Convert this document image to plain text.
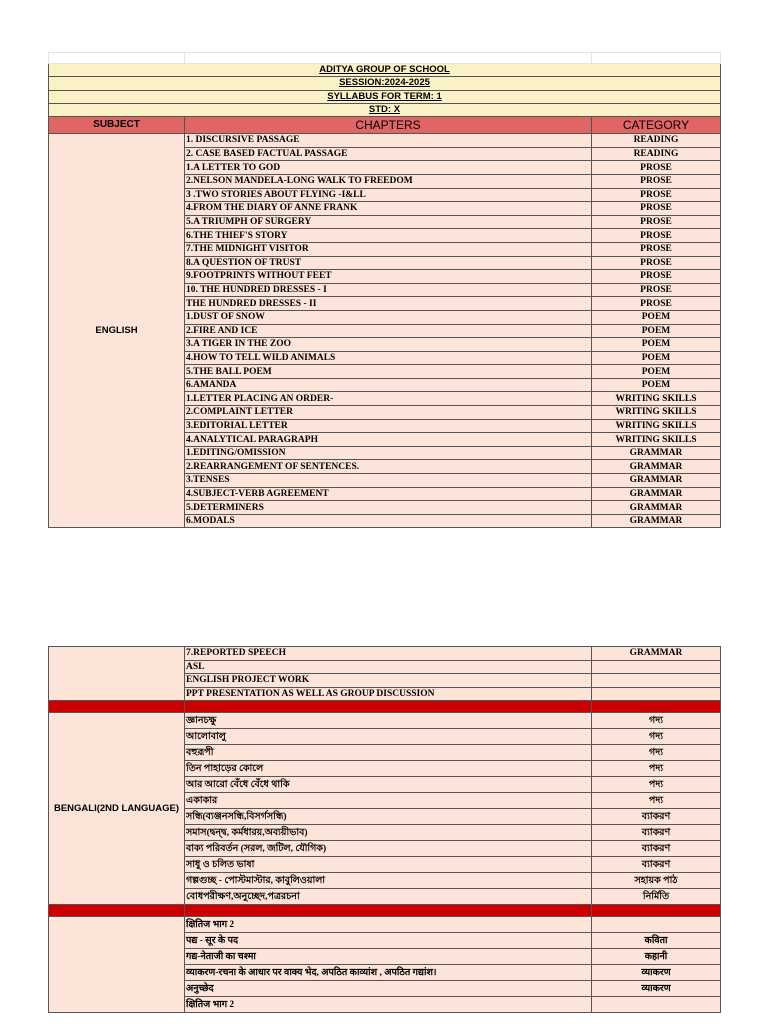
ADITYA GROUP OF SCHOOL		
SESSION:2024-2025		
SYLLABUS FOR TERM: 1		
STD: X		
SUBJECT	CHAPTERS	CATEGORY
ENGLISH	1. DISCURSIVE PASSAGE	READING
	2. CASE BASED FACTUAL PASSAGE	READING
	1.A LETTER TO GOD	PROSE
	2.NELSON MANDELA-LONG WALK TO FREEDOM	PROSE
	3 .TWO STORIES ABOUT FLYING -I&LL	PROSE
	4.FROM THE DIARY OF ANNE FRANK	PROSE
	5.A TRIUMPH OF SURGERY	PROSE
	6.THE THIEF'S STORY	PROSE
	7.THE MIDNIGHT VISITOR	PROSE
	8.A QUESTION OF TRUST	PROSE
	9.FOOTPRINTS WITHOUT FEET	PROSE
	10. THE HUNDRED DRESSES - I	PROSE
	THE HUNDRED DRESSES - II	PROSE
	1.DUST OF SNOW	POEM
	2.FIRE AND ICE	POEM
	3.A TIGER IN THE ZOO	POEM
	4.HOW TO TELL WILD ANIMALS	POEM
	5.THE BALL POEM	POEM
	6.AMANDA	POEM
	1.LETTER PLACING AN ORDER-	WRITING SKILLS
	2.COMPLAINT LETTER	WRITING SKILLS
	3.EDITORIAL LETTER	WRITING SKILLS
	4.ANALYTICAL PARAGRAPH	WRITING SKILLS
	1.EDITING/OMISSION	GRAMMAR
	2.REARRANGEMENT OF SENTENCES.	GRAMMAR
	3.TENSES	GRAMMAR
	4.SUBJECT-VERB AGREEMENT	GRAMMAR
	5.DETERMINERS	GRAMMAR
	6.MODALS	GRAMMAR
	7.REPORTED SPEECH	GRAMMAR
	ASL	
	ENGLISH PROJECT WORK	
	PPT PRESENTATION AS WELL AS GROUP DISCUSSION	

BENGALI(2ND LANGUAGE)	জ্ঞানচক্ষু	গদ্য
	আলোবালু	গদ্য
	বহুরূপী	গদ্য
	তিন পাহাড়ের কোলে	পদ্য
	আর আরো বেঁধে বেঁধে থাকি	পদ্য
	একাকার	পদ্য
	সন্ধি(ব্যঞ্জনসন্ধি,বিসর্গসন্ধি)	ব্যাকরণ
	সমাস(দ্বন্দ্ব, কর্মধারয়,অব্যয়ীভাব)	ব্যাকরণ
	বাক্য পরিবর্তন (সরল, জটিল, যৌগিক)	ব্যাকরণ
	সাধু ও চলিত ভাষা	ব্যাকরণ
	গল্পগুচ্ছ - পোস্টমাস্টার, কাবুলিওয়ালা	সহায়ক পাঠ
	বোধপরীক্ষণ,অনুচ্ছেদ,পত্ররচনা	নির্মিতি

	क्षितिज भाग 2	
	पद्य - सूर के पद	कविता
	गद्य-नेताजी का चश्मा	कहानी
	व्याकरण-रचना के आधार पर वाक्य भेद, अपठित काव्यांश , अपठित गद्यांश।	व्याकरण
	अनुच्छेद	व्याकरण
	क्षितिज भाग 2	
